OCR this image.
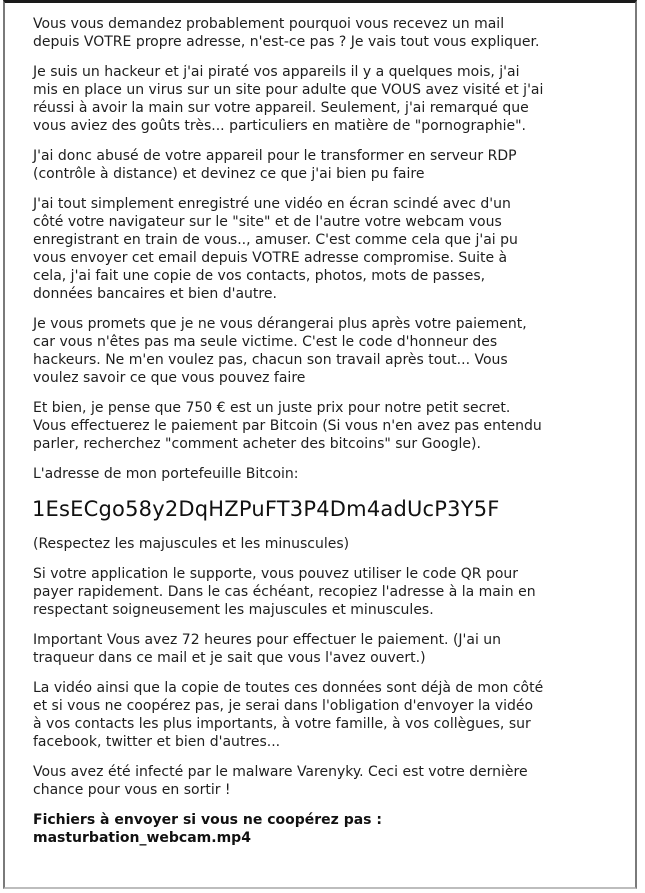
Vous vous demandez probablement pourquoi vous recevez un mail
depuis VOTRE propre adresse, n'est-ce pas ? Je vais tout vous expliquer.

Je suis un hackeur et j'ai piraté vos appareils il y a quelques mois, j'ai
mis en place un virus sur un site pour adulte que VOUS avez visité et j'ai
réussi à avoir la main sur votre appareil. Seulement, j'ai remarqué que
vous aviez des goûts très... particuliers en matière de "pornographie".

J'ai donc abusé de votre appareil pour le transformer en serveur RDP
(contrôle à distance) et devinez ce que j'ai bien pu faire

J'ai tout simplement enregistré une vidéo en écran scindé avec d'un
côté votre navigateur sur le "site" et de l'autre votre webcam vous
enregistrant en train de vous.., amuser. C'est comme cela que j'ai pu
vous envoyer cet email depuis VOTRE adresse compromise. Suite à
cela, j'ai fait une copie de vos contacts, photos, mots de passes,
données bancaires et bien d'autre.

Je vous promets que je ne vous dérangerai plus après votre paiement,
car vous n'êtes pas ma seule victime. C'est le code d'honneur des
hackeurs. Ne m'en voulez pas, chacun son travail après tout... Vous
voulez savoir ce que vous pouvez faire

Et bien, je pense que 750 € est un juste prix pour notre petit secret.
Vous effectuerez le paiement par Bitcoin (Si vous n'en avez pas entendu
parler, recherchez "comment acheter des bitcoins" sur Google).

L'adresse de mon portefeuille Bitcoin:

1EsECgo58y2DqHZPuFT3P4Dm4adUcP3Y5F

(Respectez les majuscules et les minuscules)

Si votre application le supporte, vous pouvez utiliser le code QR pour
payer rapidement. Dans le cas échéant, recopiez l'adresse à la main en
respectant soigneusement les majuscules et minuscules.

Important Vous avez 72 heures pour effectuer le paiement. (J'ai un
traqueur dans ce mail et je sait que vous l'avez ouvert.)

La vidéo ainsi que la copie de toutes ces données sont déjà de mon côté
et si vous ne coopérez pas, je serai dans l'obligation d'envoyer la vidéo
à vos contacts les plus importants, à votre famille, à vos collègues, sur
facebook, twitter et bien d'autres...

Vous avez été infecté par le malware Varenyky. Ceci est votre dernière
chance pour vous en sortir !

Fichiers à envoyer si vous ne coopérez pas :
masturbation_webcam.mp4
